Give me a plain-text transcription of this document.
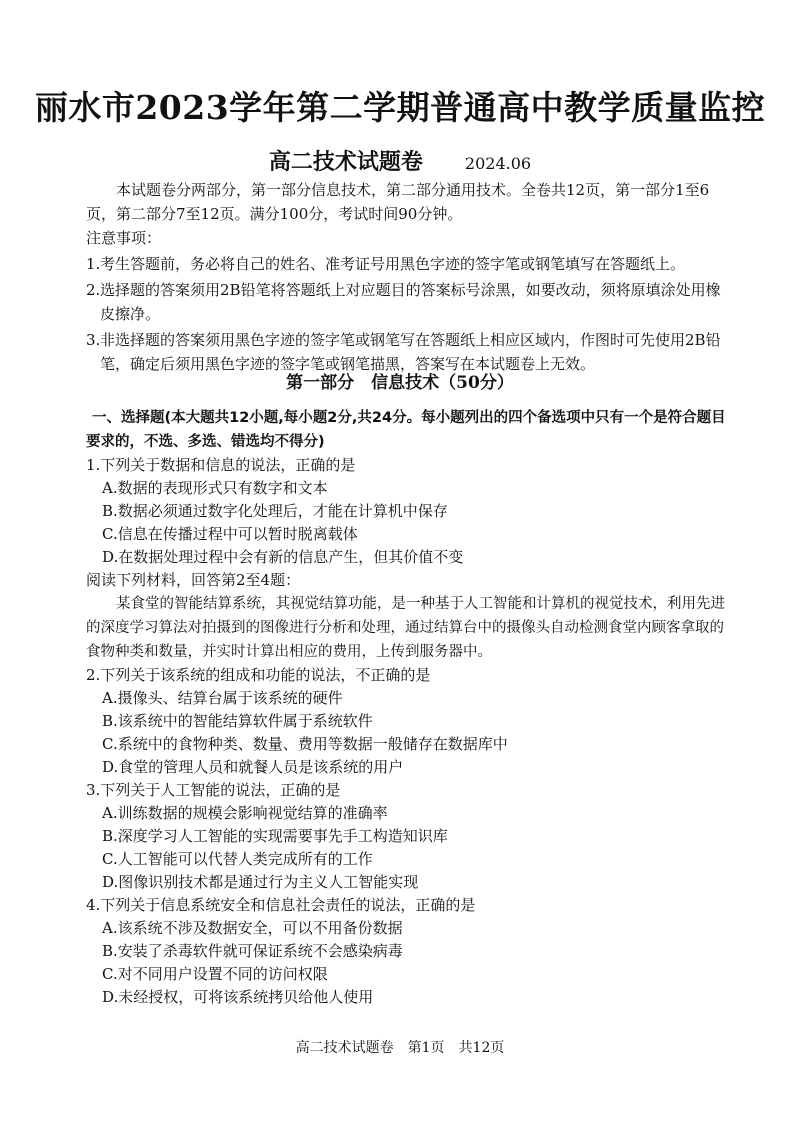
丽水市2023学年第二学期普通高中教学质量监控
高二技术试题卷	2024.06

本试题卷分两部分，第一部分信息技术，第二部分通用技术。全卷共12页，第一部分1至6页，第二部分7至12页。满分100分，考试时间90分钟。

注意事项：
1. 考生答题前，务必将自己的姓名、准考证号用黑色字迹的签字笔或钢笔填写在答题纸上。
2. 选择题的答案须用2B铅笔将答题纸上对应题目的答案标号涂黑，如要改动，须将原填涂处用橡皮擦净。
3. 非选择题的答案须用黑色字迹的签字笔或钢笔写在答题纸上相应区域内，作图时可先使用2B铅笔，确定后须用黑色字迹的签字笔或钢笔描黑，答案写在本试题卷上无效。
第一部分　信息技术（50分）
一、选择题(本大题共12小题,每小题2分,共24分。每小题列出的四个备选项中只有一个是符合题目要求的，不选、多选、错选均不得分)
1.下列关于数据和信息的说法，正确的是
A.数据的表现形式只有数字和文本
B.数据必须通过数字化处理后，才能在计算机中保存
C.信息在传播过程中可以暂时脱离载体
D.在数据处理过程中会有新的信息产生，但其价值不变
阅读下列材料，回答第2至4题：
某食堂的智能结算系统，其视觉结算功能，是一种基于人工智能和计算机的视觉技术，利用先进的深度学习算法对拍摄到的图像进行分析和处理，通过结算台中的摄像头自动检测食堂内顾客拿取的食物种类和数量，并实时计算出相应的费用，上传到服务器中。
2.下列关于该系统的组成和功能的说法，不正确的是
A.摄像头、结算台属于该系统的硬件
B.该系统中的智能结算软件属于系统软件
C.系统中的食物种类、数量、费用等数据一般储存在数据库中
D.食堂的管理人员和就餐人员是该系统的用户
3.下列关于人工智能的说法，正确的是
A.训练数据的规模会影响视觉结算的准确率
B.深度学习人工智能的实现需要事先手工构造知识库
C.人工智能可以代替人类完成所有的工作
D.图像识别技术都是通过行为主义人工智能实现
4.下列关于信息系统安全和信息社会责任的说法，正确的是
A.该系统不涉及数据安全，可以不用备份数据
B.安装了杀毒软件就可保证系统不会感染病毒
C.对不同用户设置不同的访问权限
D.未经授权，可将该系统拷贝给他人使用
高二技术试题卷 第1页 共12页
